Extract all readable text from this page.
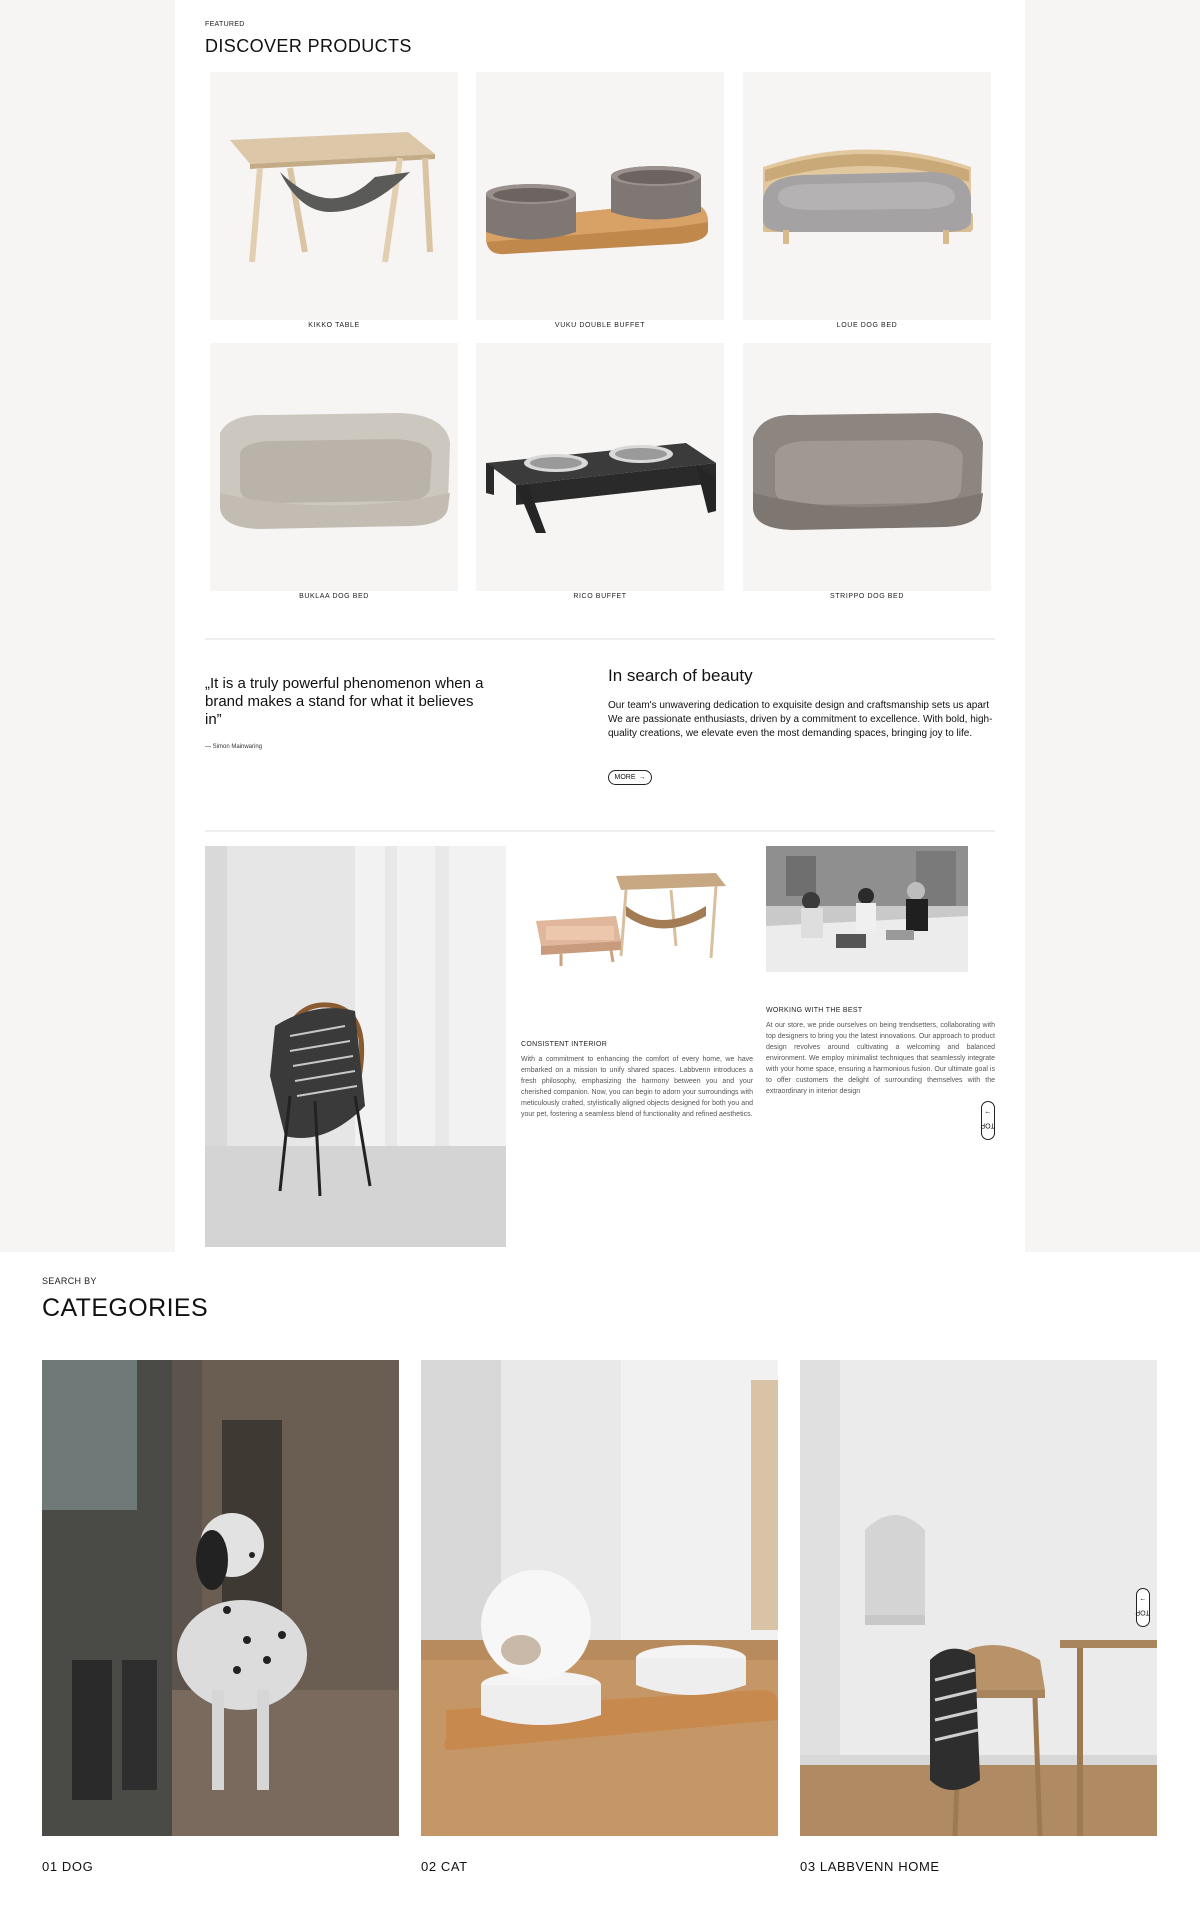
FEATURED
DISCOVER PRODUCTS
KIKKO TABLE	VUKU DOUBLE BUFFET	LOUE DOG BED
BUKLAA DOG BED	RICO BUFFET	STRIPPO DOG BED
„It is a truly powerful phenomenon when a brand makes a stand for what it believes in”
— Simon Mainwaring
In search of beauty
Our team's unwavering dedication to exquisite design and craftsmanship sets us apart We are passionate enthusiasts, driven by a commitment to excellence. With bold, high-quality creations, we elevate even the most demanding spaces, bringing joy to life.
MORE →
CONSISTENT INTERIOR
With a commitment to enhancing the comfort of every home, we have embarked on a mission to unify shared spaces. Labbvenn introduces a fresh philosophy, emphasizing the harmony between you and your cherished companion. Now, you can begin to adorn your surroundings with meticulously crafted, stylistically aligned objects designed for both you and your pet, fostering a seamless blend of functionality and refined aesthetics.
WORKING WITH THE BEST
At our store, we pride ourselves on being trendsetters, collaborating with top designers to bring you the latest innovations. Our approach to product design revolves around cultivating a welcoming and balanced environment. We employ minimalist techniques that seamlessly integrate with your home space, ensuring a harmonious fusion. Our ultimate goal is to offer customers the delight of surrounding themselves with the extraordinary in interior design
TOP →
SEARCH BY
CATEGORIES
01 DOG	02 CAT	03 LABBVENN HOME
TOP →
